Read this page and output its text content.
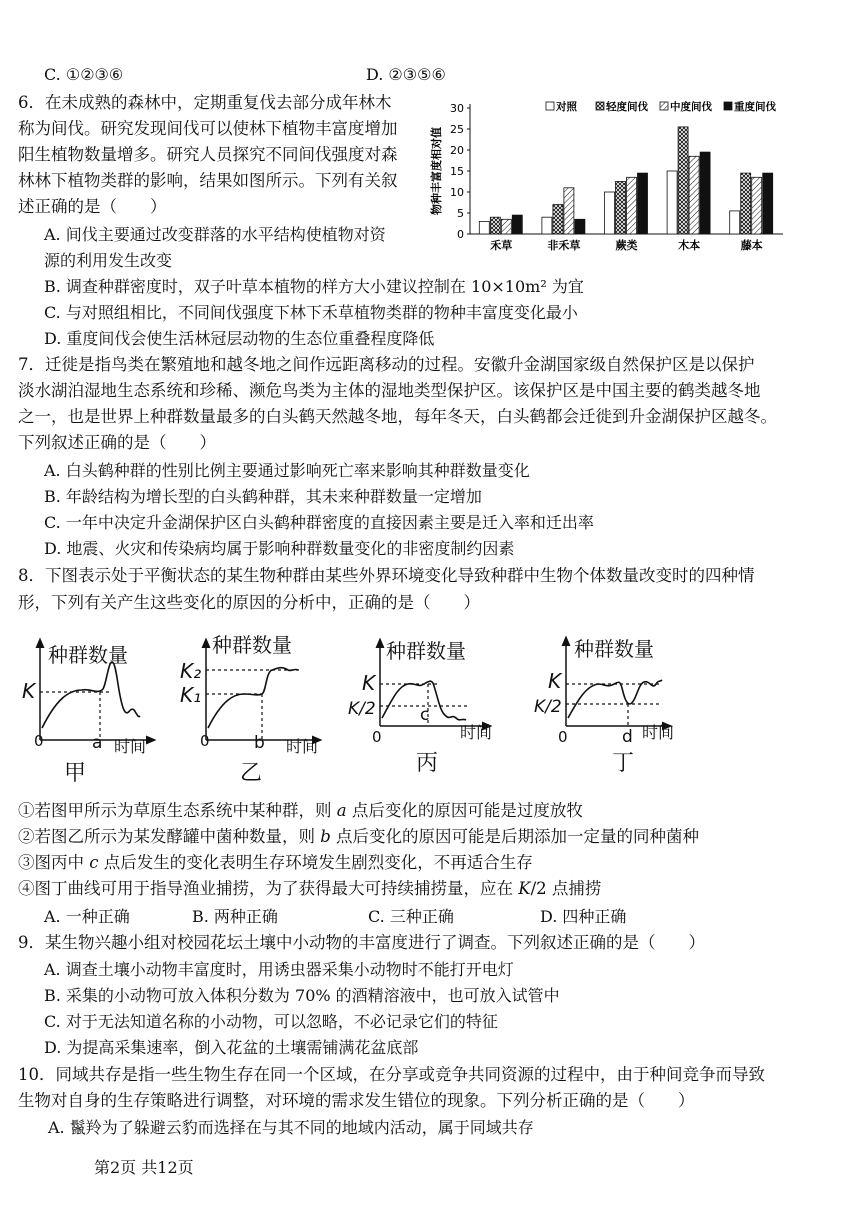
C. ①②③⑥	D. ②③⑤⑥
6．在未成熟的森林中，定期重复伐去部分成年林木
称为间伐。研究发现间伐可以使林下植物丰富度增加
阳生植物数量增多。研究人员探究不同间伐强度对森
林林下植物类群的影响，结果如图所示。下列有关叙
述正确的是（　　）
A. 间伐主要通过改变群落的水平结构使植物对资
源的利用发生改变
B. 调查种群密度时，双子叶草本植物的样方大小建议控制在 10×10m² 为宜
C. 与对照组相比，不同间伐强度下林下禾草植物类群的物种丰富度变化最小
D. 重度间伐会使生活林冠层动物的生态位重叠程度降低
0
5
10
15
20
25
30
物种丰富度相对值
禾草	非禾草	蕨类	木本	藤本
对照	轻度间伐 中度间伐 重度间伐
7．迁徙是指鸟类在繁殖地和越冬地之间作远距离移动的过程。安徽升金湖国家级自然保护区是以保护
淡水湖泊湿地生态系统和珍稀、濒危鸟类为主体的湿地类型保护区。该保护区是中国主要的鹤类越冬地
之一，也是世界上种群数量最多的白头鹤天然越冬地，每年冬天，白头鹤都会迁徙到升金湖保护区越冬。
下列叙述正确的是（　　）
A. 白头鹤种群的性别比例主要通过影响死亡率来影响其种群数量变化
B. 年龄结构为增长型的白头鹤种群，其未来种群数量一定增加
C. 一年中决定升金湖保护区白头鹤种群密度的直接因素主要是迁入率和迁出率
D. 地震、火灾和传染病均属于影响种群数量变化的非密度制约因素
8．下图表示处于平衡状态的某生物种群由某些外界环境变化导致种群中生物个体数量改变时的四种情
形，下列有关产生这些变化的原因的分析中，正确的是（　　）
种群数量
K
0	a 时间
甲
种群数量
K₂
K₁
0	b 时间
乙
种群数量
K
K/2
0
c
时间
丙
种群数量
K
K/2
0	d 时间
丁
①若图甲所示为草原生态系统中某种群，则 a 点后变化的原因可能是过度放牧
②若图乙所示为某发酵罐中菌种数量，则 b 点后变化的原因可能是后期添加一定量的同种菌种
③图丙中 c 点后发生的变化表明生存环境发生剧烈变化，不再适合生存
④图丁曲线可用于指导渔业捕捞，为了获得最大可持续捕捞量，应在 K/2 点捕捞
A. 一种正确	B. 两种正确	C. 三种正确	D. 四种正确
9．某生物兴趣小组对校园花坛土壤中小动物的丰富度进行了调查。下列叙述正确的是（　　）
A. 调查土壤小动物丰富度时，用诱虫器采集小动物时不能打开电灯
B. 采集的小动物可放入体积分数为 70% 的酒精溶液中，也可放入试管中
C. 对于无法知道名称的小动物，可以忽略，不必记录它们的特征
D. 为提高采集速率，倒入花盆的土壤需铺满花盆底部
10．同域共存是指一些生物生存在同一个区域，在分享或竞争共同资源的过程中，由于种间竞争而导致
生物对自身的生存策略进行调整，对环境的需求发生错位的现象。下列分析正确的是（　　）
A. 鬣羚为了躲避云豹而选择在与其不同的地域内活动，属于同域共存
第2页 共12页
